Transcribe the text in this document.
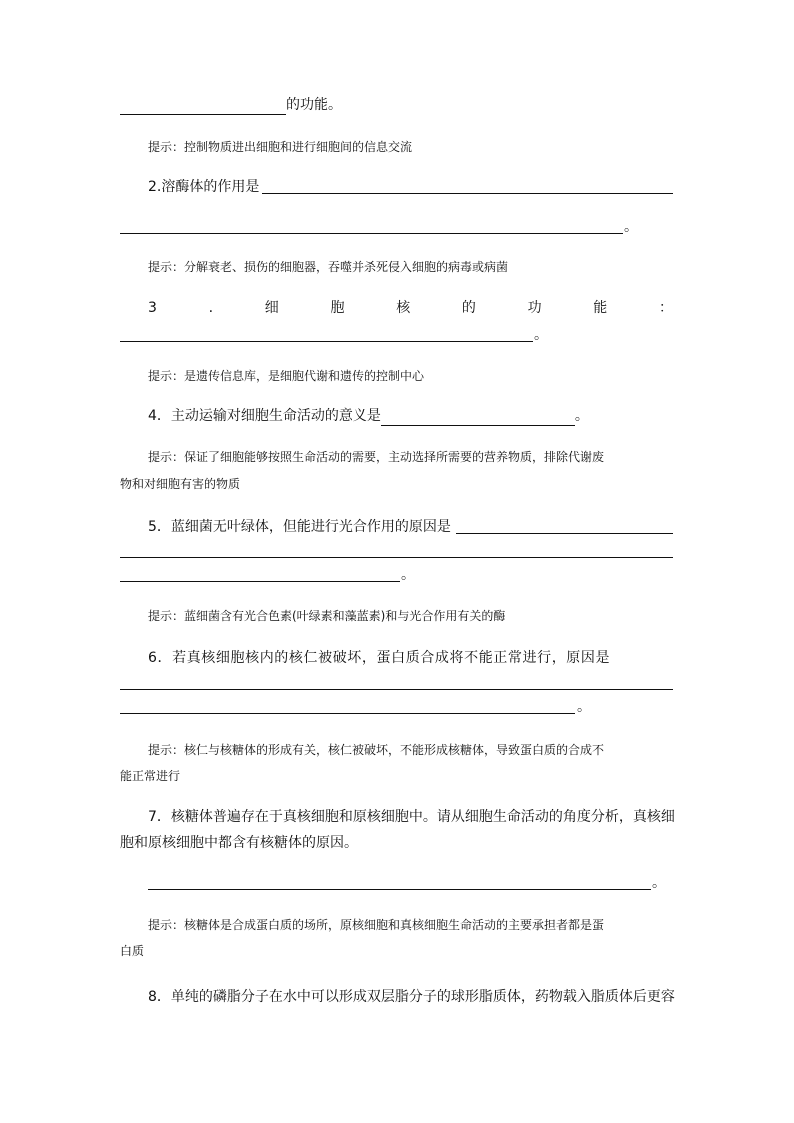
的功能。
提示：控制物质进出细胞和进行细胞间的信息交流
2.溶酶体的作用是
。
提示：分解衰老、损伤的细胞器，吞噬并杀死侵入细胞的病毒或病菌
3	.	细	胞	核	的	功	能	：
。
提示：是遗传信息库，是细胞代谢和遗传的控制中心
4．主动运输对细胞生命活动的意义是	。
提示：保证了细胞能够按照生命活动的需要，主动选择所需要的营养物质，排除代谢废
物和对细胞有害的物质
5．蓝细菌无叶绿体，但能进行光合作用的原因是
。
提示：蓝细菌含有光合色素(叶绿素和藻蓝素)和与光合作用有关的酶
6．若真核细胞核内的核仁被破坏，蛋白质合成将不能正常进行，原因是
。
提示：核仁与核糖体的形成有关，核仁被破坏，不能形成核糖体，导致蛋白质的合成不
能正常进行
7．核糖体普遍存在于真核细胞和原核细胞中。请从细胞生命活动的角度分析，真核细
胞和原核细胞中都含有核糖体的原因。
。
提示：核糖体是合成蛋白质的场所，原核细胞和真核细胞生命活动的主要承担者都是蛋
白质
8．单纯的磷脂分子在水中可以形成双层脂分子的球形脂质体，药物载入脂质体后更容
